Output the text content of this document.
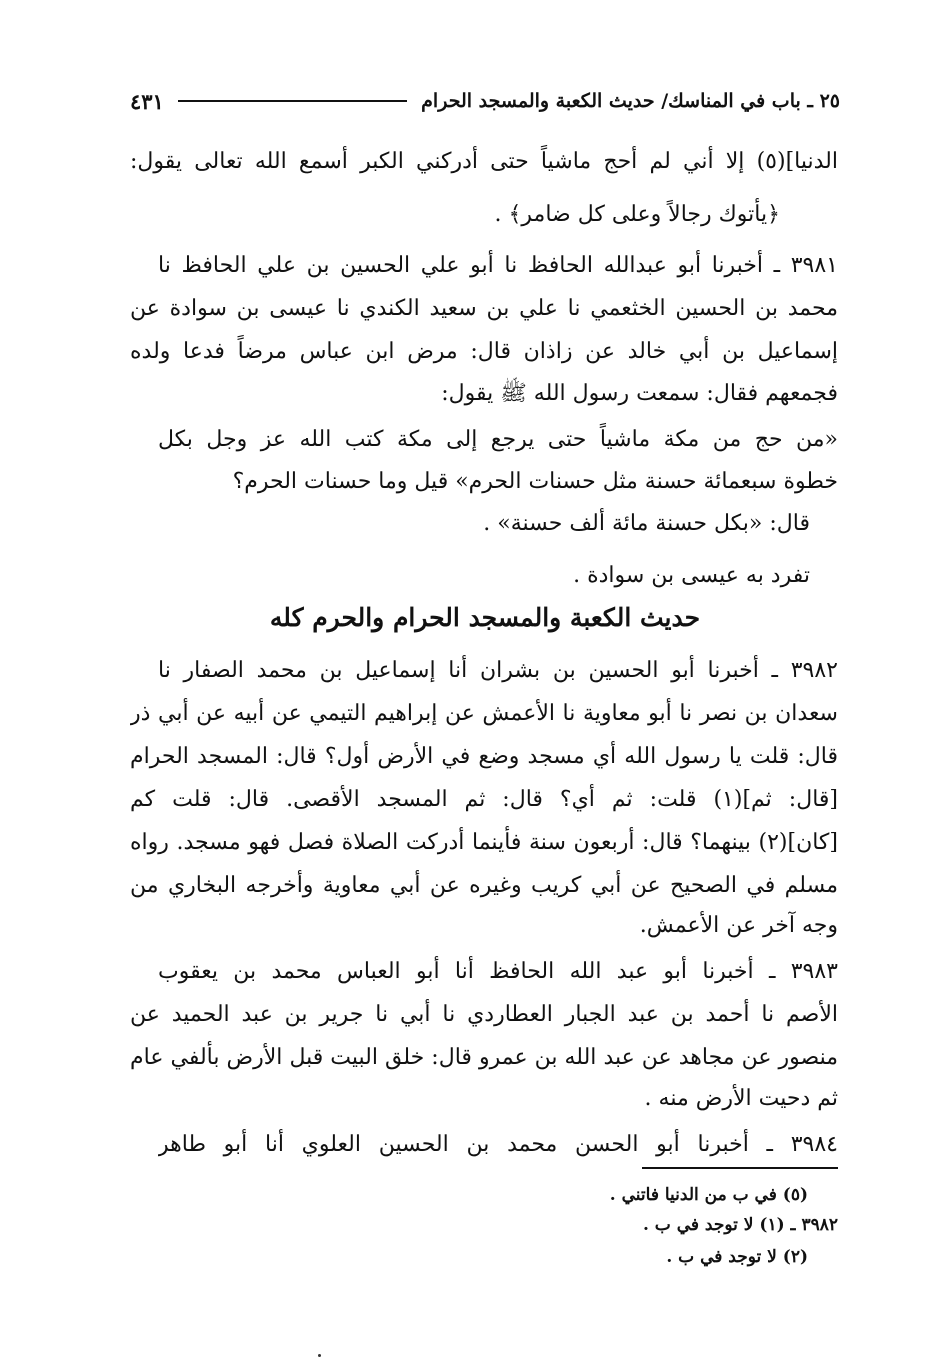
٢٥ ـ باب في المناسك/ حديث الكعبة والمسجد الحرام
٤٣١
الدنيا](٥) إلا أني لم أحج ماشياً حتى أدركني الكبر أسمع الله تعالى يقول:
﴿يأتوك رجالاً وعلى كل ضامر﴾ .
٣٩٨١ ـ أخبرنا أبو عبدالله الحافظ نا أبو علي الحسين بن علي الحافظ نا
محمد بن الحسين الخثعمي نا علي بن سعيد الكندي نا عيسى بن سوادة عن
إسماعيل بن أبي خالد عن زاذان قال: مرض ابن عباس مرضاً فدعا ولده
فجمعهم فقال: سمعت رسول الله ﷺ يقول:
«من حج من مكة ماشياً حتى يرجع إلى مكة كتب الله عز وجل بكل
خطوة سبعمائة حسنة مثل حسنات الحرم» قيل وما حسنات الحرم؟
قال: «بكل حسنة مائة ألف حسنة» .
تفرد به عيسى بن سوادة .
حديث الكعبة والمسجد الحرام والحرم كله
٣٩٨٢ ـ أخبرنا أبو الحسين بن بشران أنا إسماعيل بن محمد الصفار نا
سعدان بن نصر نا أبو معاوية نا الأعمش عن إبراهيم التيمي عن أبيه عن أبي ذر
قال: قلت يا رسول الله أي مسجد وضع في الأرض أول؟ قال: المسجد الحرام
[قال: ثم](١) قلت: ثم أي؟ قال: ثم المسجد الأقصى. قال: قلت كم
[كان](٢) بينهما؟ قال: أربعون سنة فأينما أدركت الصلاة فصل فهو مسجد. رواه
مسلم في الصحيح عن أبي كريب وغيره عن أبي معاوية وأخرجه البخاري من
وجه آخر عن الأعمش.
٣٩٨٣ ـ أخبرنا أبو عبد الله الحافظ أنا أبو العباس محمد بن يعقوب
الأصم نا أحمد بن عبد الجبار العطاردي نا أبي نا جرير بن عبد الحميد عن
منصور عن مجاهد عن عبد الله بن عمرو قال: خلق البيت قبل الأرض بألفي عام
ثم دحيت الأرض منه .
٣٩٨٤ ـ أخبرنا أبو الحسن محمد بن الحسين العلوي أنا أبو طاهر
(٥) في ب من الدنيا فاتني .
٣٩٨٢ ـ (١) لا توجد في ب .
(٢) لا توجد في ب .
